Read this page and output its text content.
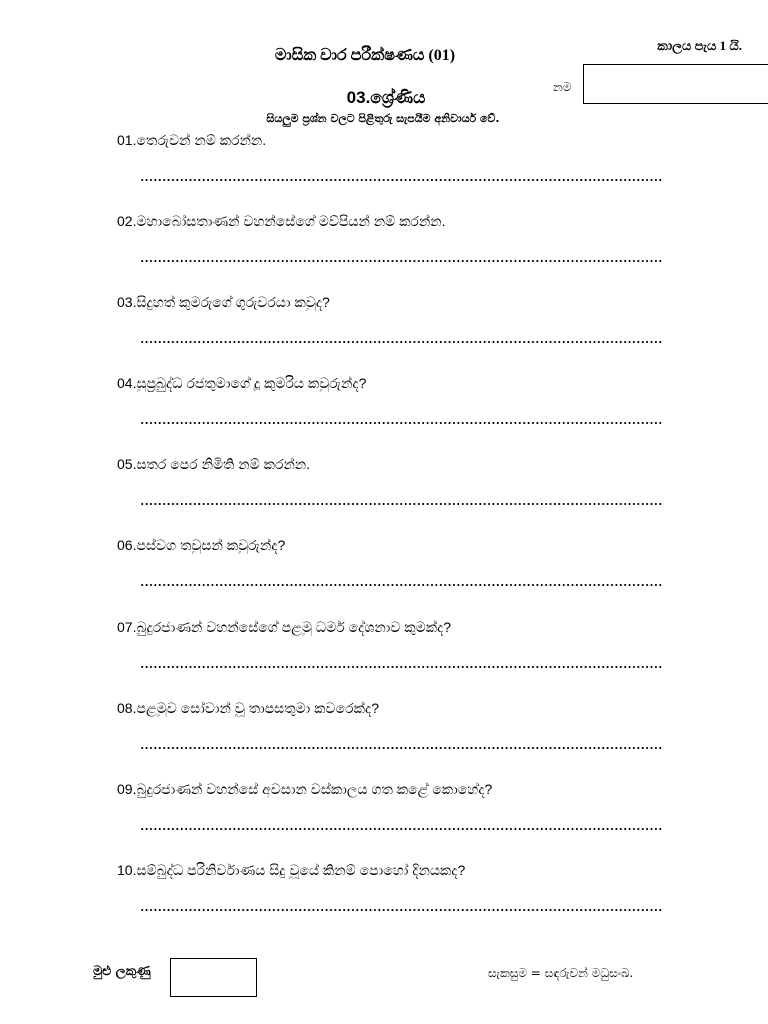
කාලය පැය 1 යි.
මාසික වාර පරීක්ෂණය (01)
නම
03.ශ්‍රේණිය
සියලුම ප්‍රශ්න වලට පිළිතුරු සැපයීම අනිවාර්ය වේ.
01.තෙරුවන් නම් කරන්න.
02.මහාබෝසතාණන් වහන්සේගේ මව්පියන් නම් කරන්න.
03.සිදුහත් කුමරුගේ ගුරුවරයා කවුද?
04.සුප්‍රබුද්ධ රජතුමාගේ දූ කුමරිය කවුරුන්ද?
05.සතර පෙර නිමිති නම් කරන්න.
06.පස්වග තවුසන් කවුරුන්ද?
07.බුදුරජාණන් වහන්සේගේ පළමු ධර්ම දේශනාව කුමක්ද?
08.පළමුව සෝවාන් වූ තාපසතුමා කවරෙක්ද?
09.බුදුරජාණන් වහන්සේ අවසාන වස්කාලය ගත කළේ කොහේද?
10.සම්බුද්ධ පරිනිර්වාණය සිදු වූයේ කිනම් පොහෝ දිනයකද?
මුළු ලකුණු	සැකසුම = සඳරුවන් මධුසංඛ.
